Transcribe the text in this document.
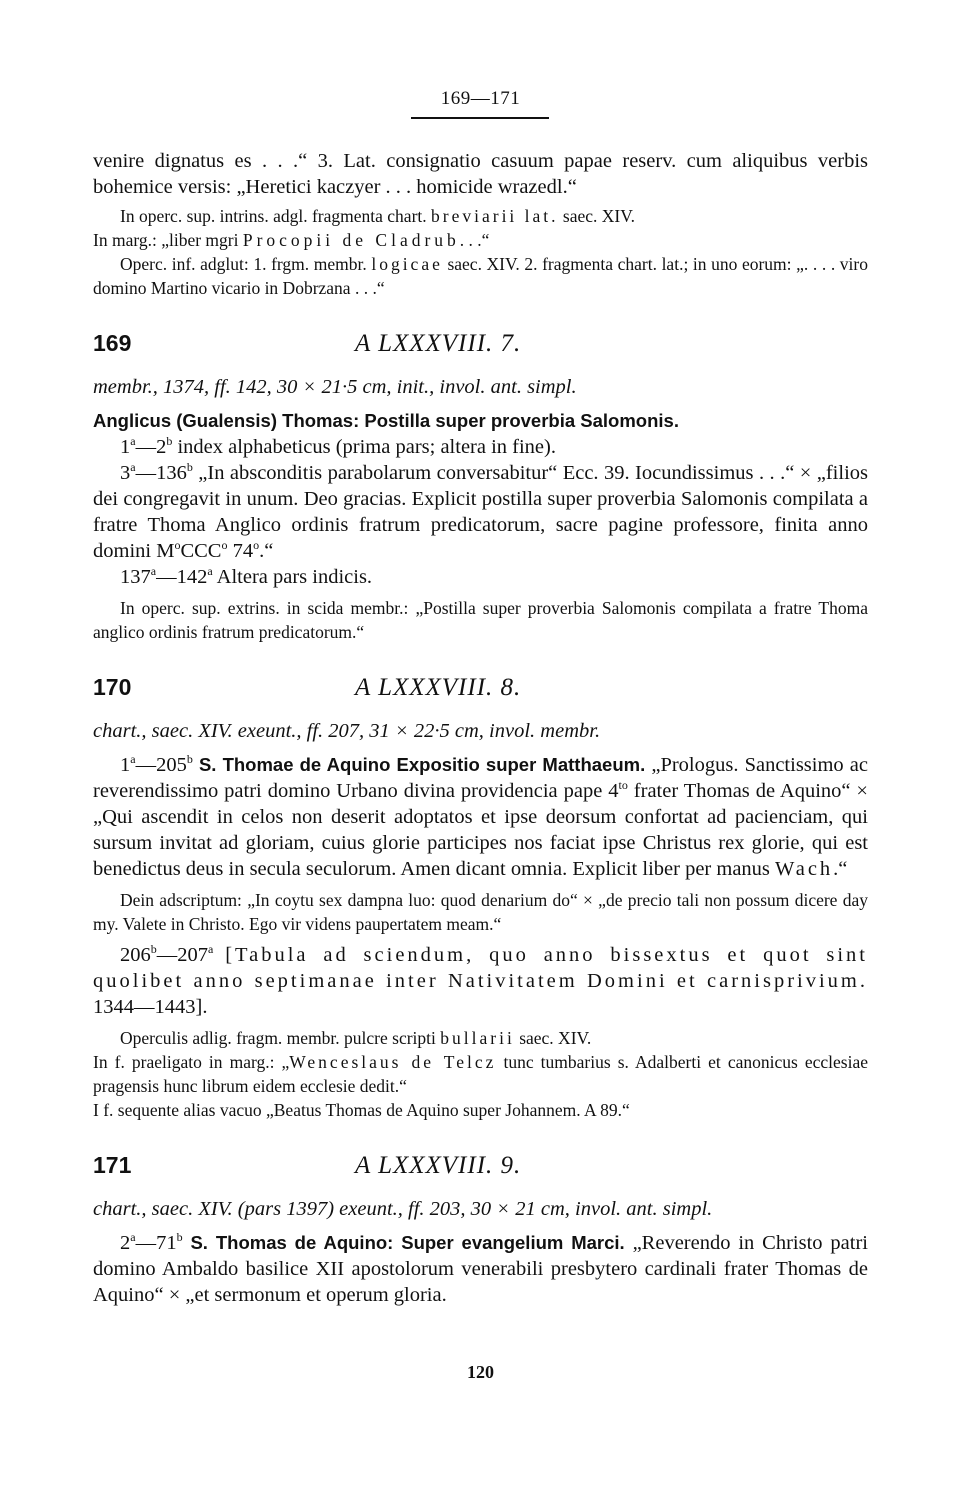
169—171

venire dignatus es . . .“ 3. Lat. consignatio casuum papae reserv. cum aliquibus verbis bohemice versis: „Heretici kaczyer . . . homicide wrazedl.“

In operc. sup. intrins. adgl. fragmenta chart. breviarii lat. saec. XIV.

In marg.: „liber mgri Procopii de Cladrub. . .“

Operc. inf. adglut: 1. frgm. membr. logicae saec. XIV. 2. fragmenta chart. lat.; in uno eorum: „. . . . viro domino Martino vicario in Dobrzana . . .“

169	A LXXXVIII. 7.

membr., 1374, ff. 142, 30 × 21·5 cm, init., invol. ant. simpl.

Anglicus (Gualensis) Thomas: Postilla super proverbia Salomonis.

1$^a$—2$^b$ index alphabeticus (prima pars; altera in fine).

3$^a$—136$^b$ „In absconditis parabolarum conversabitur“ Ecc. 39. Iocundissimus . . .“ × „filios dei congregavit in unum. Deo gracias. Explicit postilla super proverbia Salomonis compilata a fratre Thoma Anglico ordinis fratrum predicatorum, sacre pagine professore, finita anno domini $M^oCCC^o$ 74$^o$.“

137$^a$—142$^a$ Altera pars indicis.

In operc. sup. extrins. in scida membr.: „Postilla super proverbia Salomonis compilata a fratre Thoma anglico ordinis fratrum predicatorum.“

170	A LXXXVIII. 8.

chart., saec. XIV. exeunt., ff. 207, 31 × 22·5 cm, invol. membr.

1$^a$—205$^b$ S. Thomae de Aquino Expositio super Matthaeum. „Prologus. Sanctissimo ac reverendissimo patri domino Urbano divina providencia pape $4^{to}$ frater Thomas de Aquino“ × „Qui ascendit in celos non deserit adoptatos et ipse deorsum confortat ad pacienciam, qui sursum invitat ad gloriam, cuius glorie participes nos faciat ipse Christus rex glorie, qui est benedictus deus in secula seculorum. Amen dicant omnia. Explicit liber per manus Wach.“

Dein adscriptum: „In coytu sex dampna luo: quod denarium do“ × „de precio tali non possum dicere day my. Valete in Christo. Ego vir videns paupertatem meam.“

206$^b$—207$^a$ [Tabula ad sciendum, quo anno bissextus et quot sint quolibet anno septimanae inter Nativitatem Domini et carnisprivium. 1344—1443].

Operculis adlig. fragm. membr. pulcre scripti bullarii saec. XIV.

In f. praeligato in marg.: „Wenceslaus de Telcz tunc tumbarius s. Adalberti et canonicus ecclesiae pragensis hunc librum eidem ecclesie dedit.“

I f. sequente alias vacuo „Beatus Thomas de Aquino super Johannem. A 89.“

171	A LXXXVIII. 9.

chart., saec. XIV. (pars 1397) exeunt., ff. 203, 30 × 21 cm, invol. ant. simpl.

2$^a$—71$^b$ S. Thomas de Aquino: Super evangelium Marci. „Reverendo in Christo patri domino Ambaldo basilice XII apostolorum venerabili presbytero cardinali frater Thomas de Aquino“ × „et sermonum et operum gloria.

120
